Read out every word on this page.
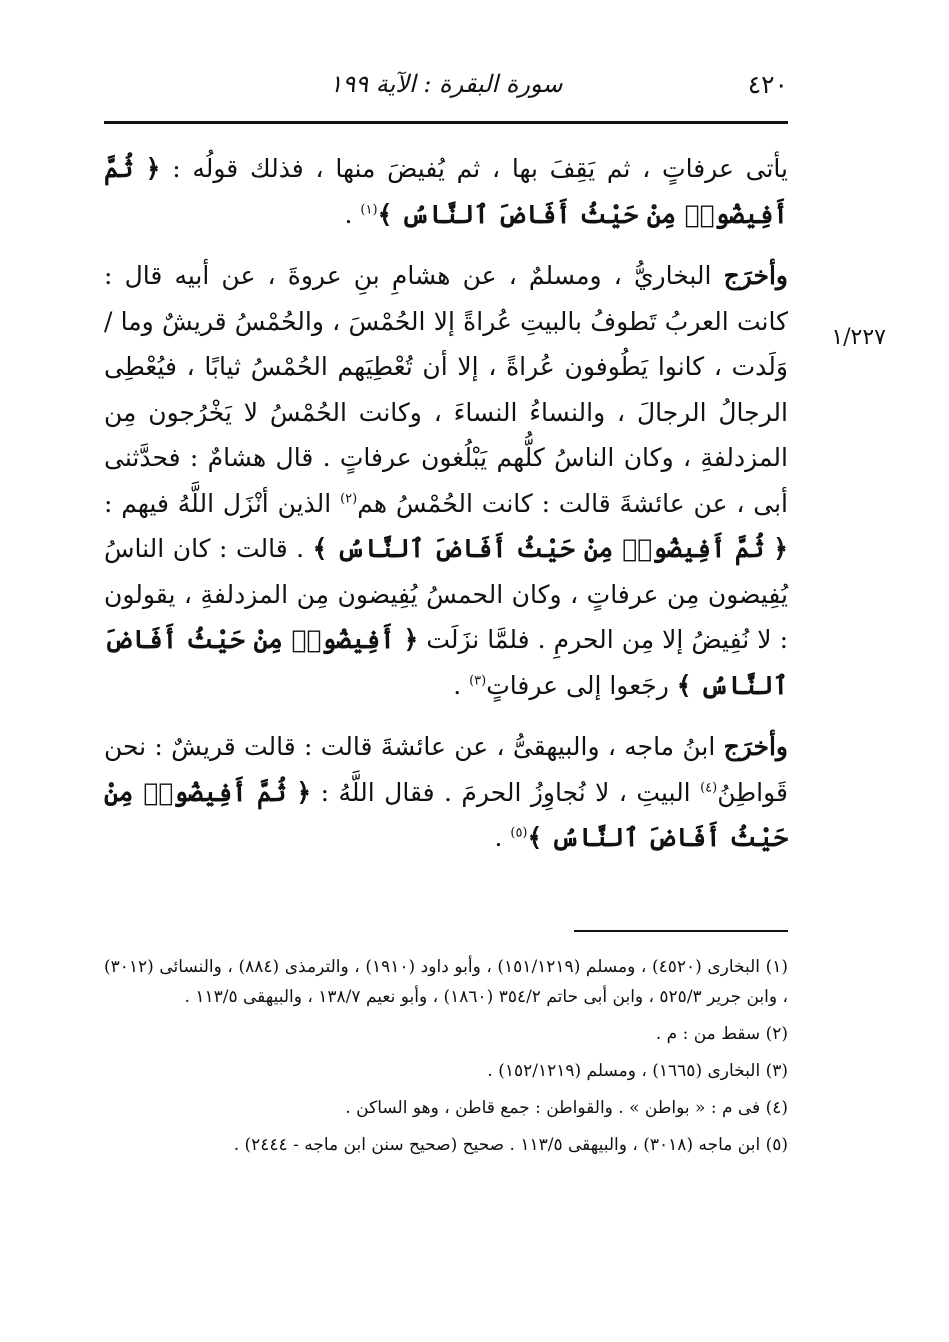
٤٢٠
سورة البقرة : الآية ١٩٩
١/٢٢٧

يأتى عرفاتٍ ، ثم يَقِفَ بها ، ثم يُفيضَ منها ، فذلك قولُه : ﴿ ثُمَّ أَفِيضُوا۟ مِنْ حَيْثُ أَفَاضَ ٱلنَّاسُ ﴾$^{(١)}$ .

وأخرَج البخاريُّ ، ومسلمٌ ، عن هشامِ بنِ عروةَ ، عن أبيه قال : كانت العربُ تَطوفُ بالبيتِ عُراةً إلا الحُمْسَ ، والحُمْسُ قريشٌ وما /وَلَدت ، كانوا يَطُوفون عُراةً ، إلا أن تُعْطِيَهم الحُمْسُ ثيابًا ، فيُعْطِى الرجالُ الرجالَ ، والنساءُ النساءَ ، وكانت الحُمْسُ لا يَخْرُجون مِن المزدلفةِ ، وكان الناسُ كلُّهم يَبْلُغون عرفاتٍ . قال هشامٌ : فحدَّثنى أبى ، عن عائشةَ قالت : كانت الحُمْسُ هم$^{(٢)}$ الذين أنْزَل اللَّهُ فيهم : ﴿ ثُمَّ أَفِيضُوا۟ مِنْ حَيْثُ أَفَاضَ ٱلنَّاسُ ﴾ . قالت : كان الناسُ يُفِيضون مِن عرفاتٍ ، وكان الحمسُ يُفِيضون مِن المزدلفةِ ، يقولون : لا نُفِيضُ إلا مِن الحرمِ . فلمَّا نزَلَت ﴿ أَفِيضُوا۟ مِنْ حَيْثُ أَفَاضَ ٱلنَّاسُ ﴾ رجَعوا إلى عرفاتٍ$^{(٣)}$ .

وأخرَج ابنُ ماجه ، والبيهقىُّ ، عن عائشةَ قالت : قالت قريشٌ : نحن قَواطِنُ$^{(٤)}$ البيتِ ، لا نُجاوِزُ الحرمَ . فقال اللَّهُ : ﴿ ثُمَّ أَفِيضُوا۟ مِنْ حَيْثُ أَفَاضَ ٱلنَّاسُ ﴾$^{(٥)}$ .

(١) البخارى (٤٥٢٠) ، ومسلم (١٥١/١٢١٩) ، وأبو داود (١٩١٠) ، والترمذى (٨٨٤) ، والنسائى (٣٠١٢) ، وابن جرير ٥٢٥/٣ ، وابن أبى حاتم ٣٥٤/٢ (١٨٦٠) ، وأبو نعيم ١٣٨/٧ ، والبيهقى ١١٣/٥ .

(٢) سقط من : م .

(٣) البخارى (١٦٦٥) ، ومسلم (١٥٢/١٢١٩) .

(٤) فى م : « بواطن » . والقواطن : جمع قاطن ، وهو الساكن .

(٥) ابن ماجه (٣٠١٨) ، والبيهقى ١١٣/٥ . صحيح (صحيح سنن ابن ماجه - ٢٤٤٤) .
